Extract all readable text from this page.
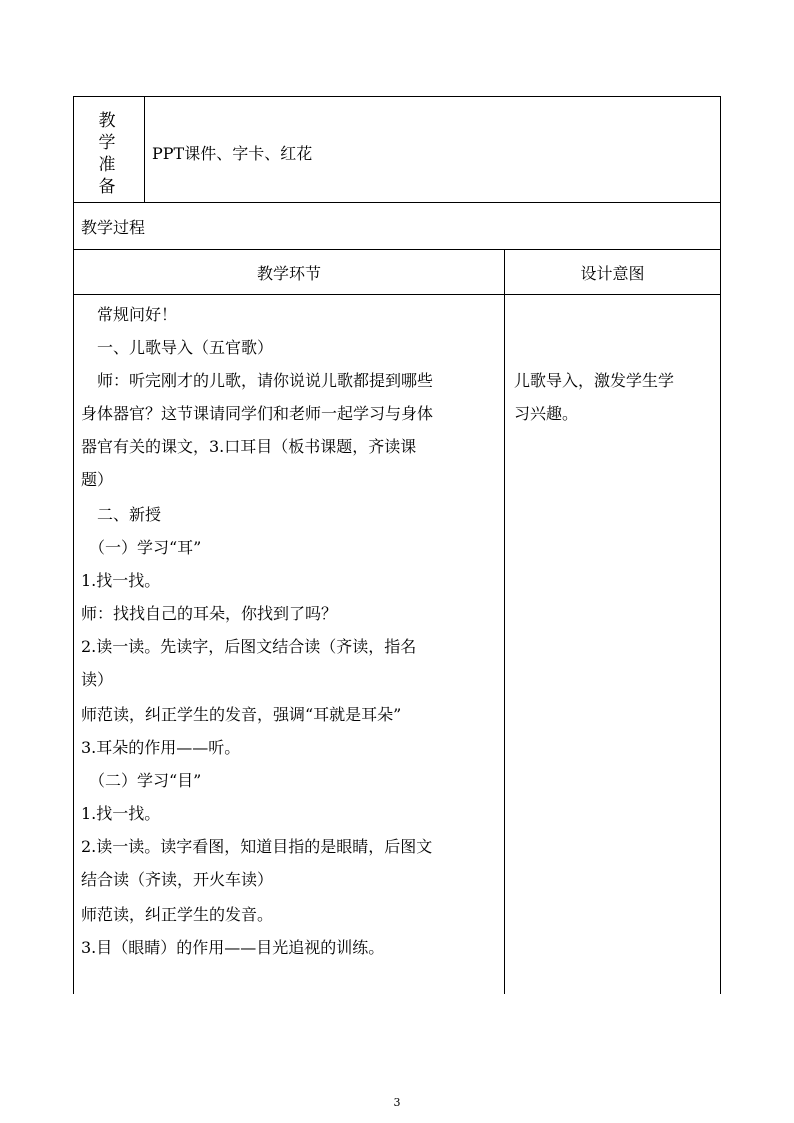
教
学
准
备
PPT课件、字卡、红花
教学过程
教学环节	设计意图
　常规问好！
　一、儿歌导入（五官歌）
　师：听完刚才的儿歌，请你说说儿歌都提到哪些
身体器官？这节课请同学们和老师一起学习与身体
器官有关的课文，3.口耳目（板书课题，齐读课
题）
　二、新授
　（一）学习“耳”
1.找一找。
师：找找自己的耳朵，你找到了吗？
2.读一读。先读字，后图文结合读（齐读，指名
读）
师范读，纠正学生的发音，强调“耳就是耳朵”
3.耳朵的作用——听。
　（二）学习“目”
1.找一找。
2.读一读。读字看图，知道目指的是眼睛，后图文
结合读（齐读，开火车读）
师范读，纠正学生的发音。
3.目（眼睛）的作用——目光追视的训练。
儿歌导入，激发学生学
习兴趣。
3
